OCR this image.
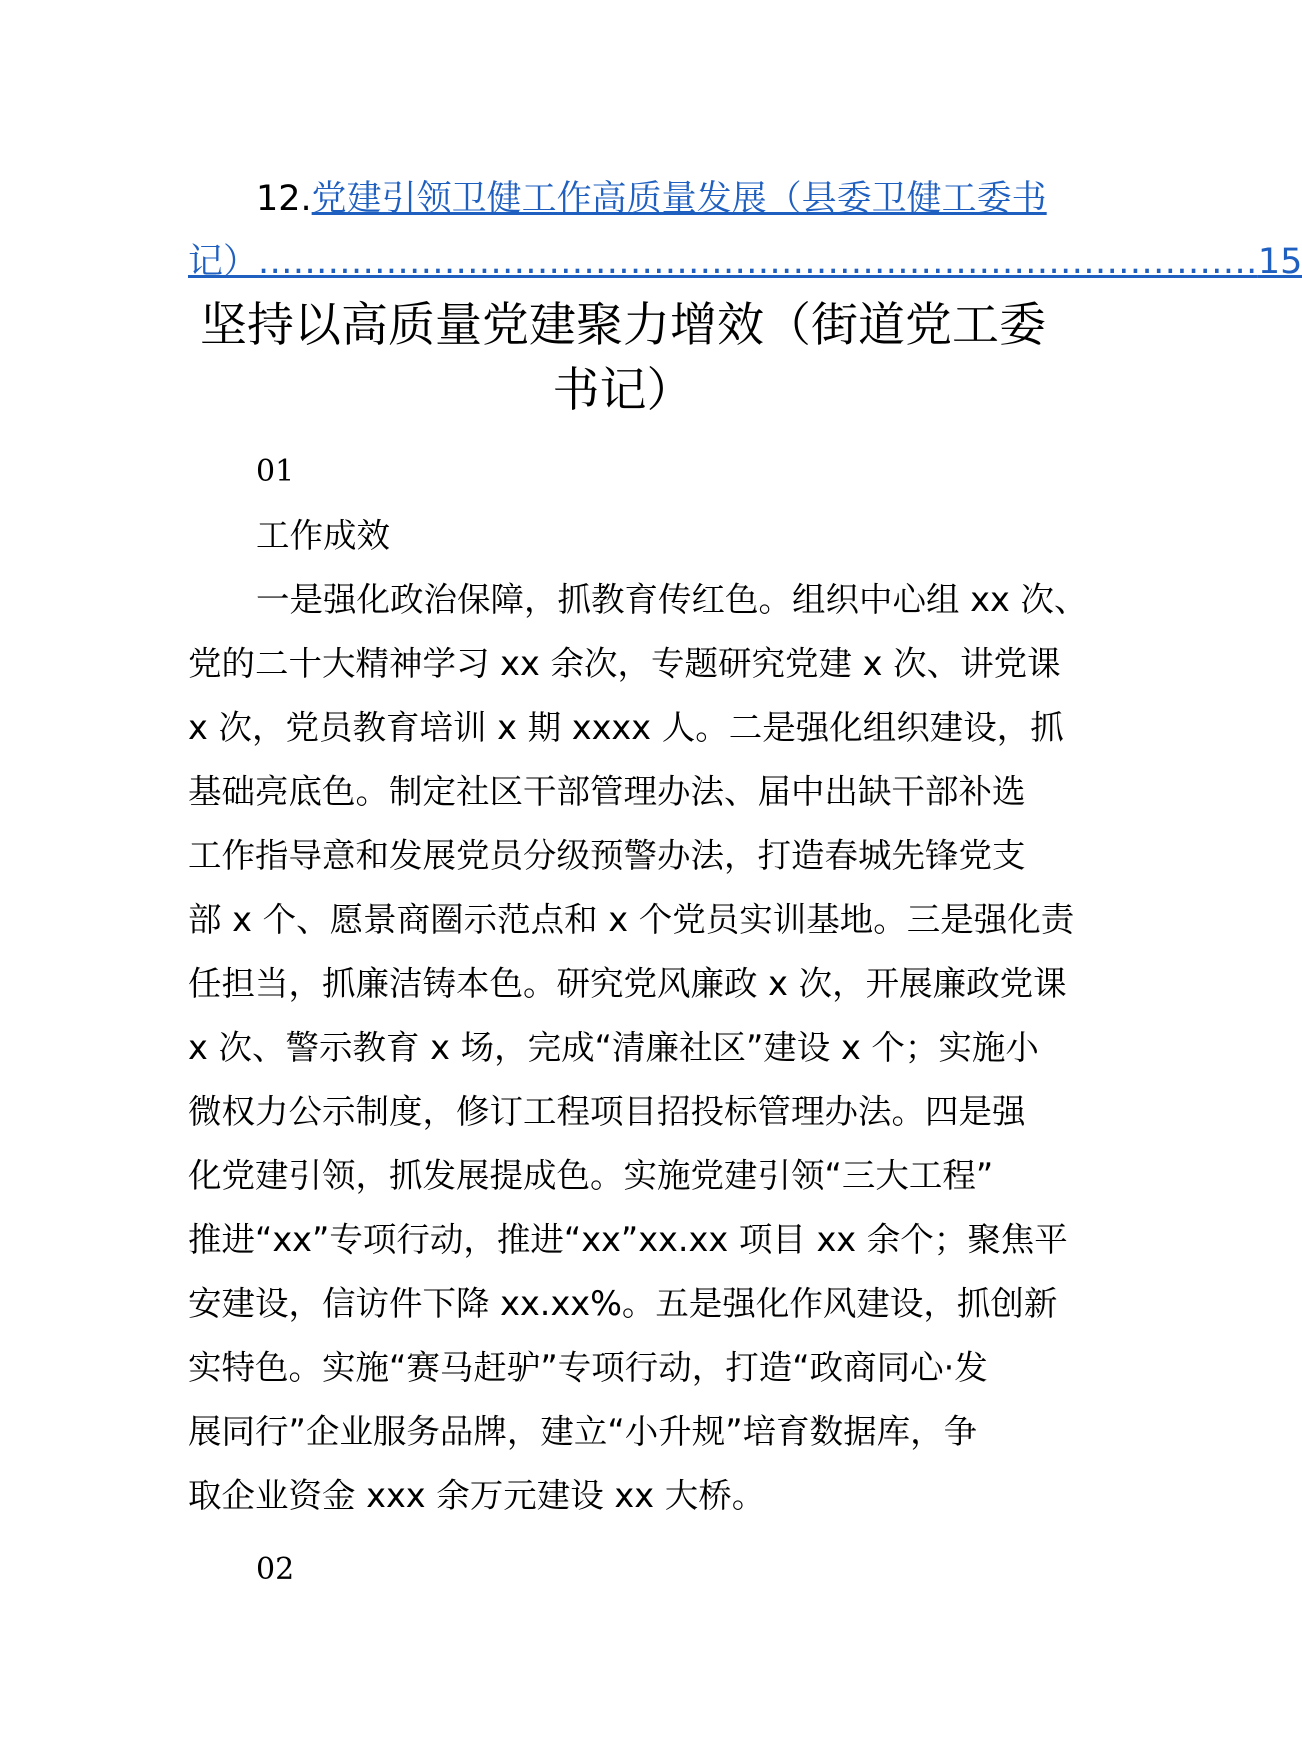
12.党建引领卫健工作高质量发展（县委卫健工委书
记） ...................................................................................... 15
坚持以高质量党建聚力增效（街道党工委
书记）

01

工作成效

一是强化政治保障，抓教育传红色。组织中心组 xx 次、
党的二十大精神学习 xx 余次，专题研究党建 x 次、讲党课
x 次，党员教育培训 x 期 xxxx 人。二是强化组织建设，抓
基础亮底色。制定社区干部管理办法、届中出缺干部补选
工作指导意和发展党员分级预警办法，打造春城先锋党支
部 x 个、愿景商圈示范点和 x 个党员实训基地。三是强化责
任担当，抓廉洁铸本色。研究党风廉政 x 次，开展廉政党课
x 次、警示教育 x 场，完成“清廉社区”建设 x 个；实施小
微权力公示制度，修订工程项目招投标管理办法。四是强
化党建引领，抓发展提成色。实施党建引领“三大工程”
推进“xx”专项行动，推进“xx”xx.xx 项目 xx 余个；聚焦平
安建设，信访件下降 xx.xx%。五是强化作风建设，抓创新
实特色。实施“赛马赶驴”专项行动，打造“政商同心·发
展同行”企业服务品牌，建立“小升规”培育数据库，争
取企业资金 xxx 余万元建设 xx 大桥。
02
